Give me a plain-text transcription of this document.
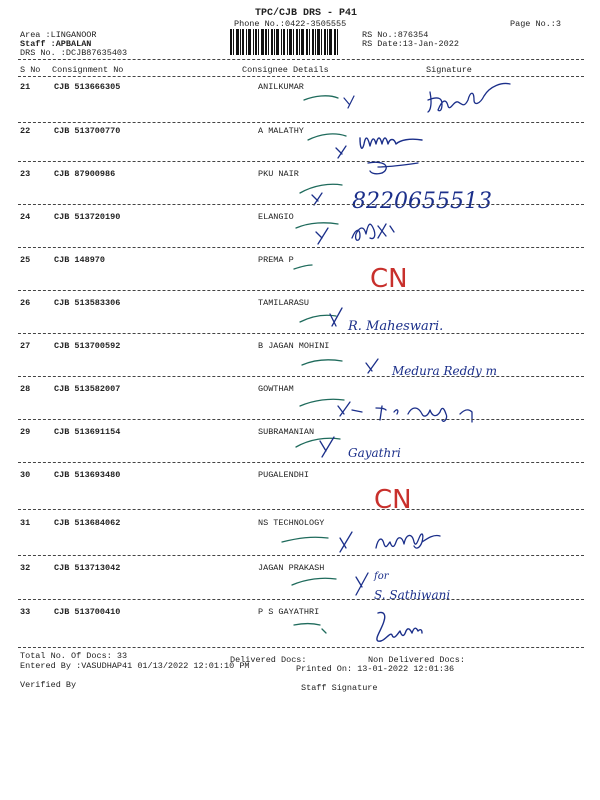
TPC/CJB DRS - P41
Phone No.:0422-3505555	Page No.:3
Area :LINGANOOR
Staff :APBALAN
DRS No. :DCJB87635403
RS No.:876354
RS Date:13-Jan-2022
S No Consignment No	Consignee Details	Signature
21	CJB 513666305	ANILKUMAR
22	CJB 513700770	A MALATHY
23	CJB 87900986	PKU NAIR
8220655513
24	CJB 513720190	ELANGIO
25	CJB 148970	PREMA P
CN
26	CJB 513583306	TAMILARASU
R. Maheswari.
27	CJB 513700592	B JAGAN MOHINI
Medura Reddy m
28	CJB 513582007	GOWTHAM
29	CJB 513691154	SUBRAMANIAN
Gayathri
30	CJB 513693480	PUGALENDHI
CN
31	CJB 513684062	NS TECHNOLOGY
32	CJB 513713042	JAGAN PRAKASH
for
S. Sathiwani
33	CJB 513700410	P S GAYATHRI
Total No. Of Docs: 33	Delivered Docs:	Non Delivered Docs:
Entered By :VASUDHAP41 01/13/2022 12:01:10 PM	Printed On: 13-01-2022 12:01:36
Verified By	Staff Signature
